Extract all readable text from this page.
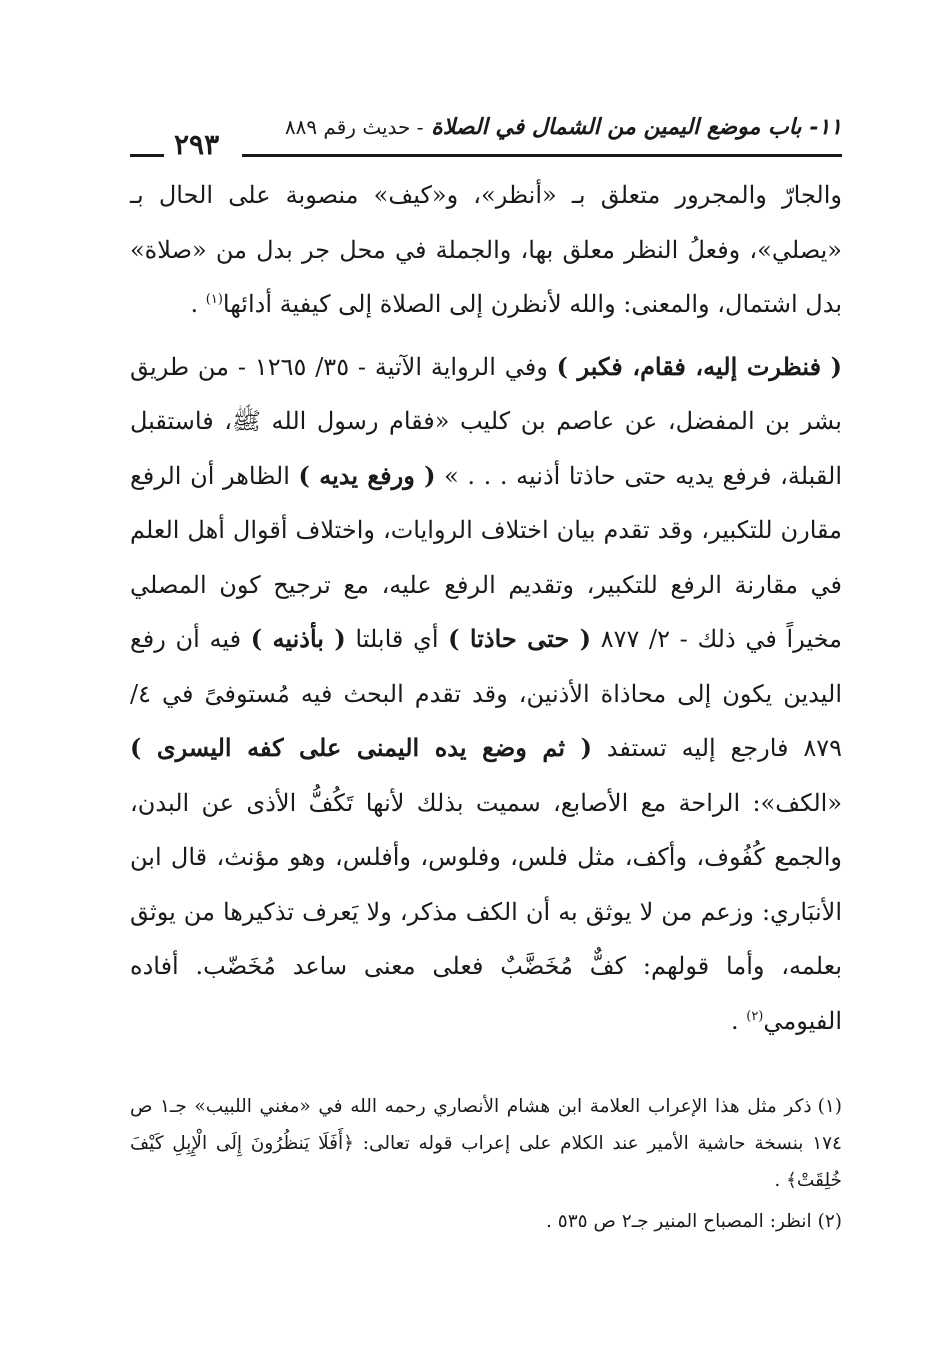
١١- باب موضع اليمين من الشمال في الصلاة - حديث رقم ٨٨٩
٢٩٣

والجارّ والمجرور متعلق بـ «أنظر»، و«كيف» منصوبة على الحال بـ «يصلي»، وفعلُ النظر معلق بها، والجملة في محل جر بدل من «صلاة» بدل اشتمال، والمعنى: والله لأنظرن إلى الصلاة إلى كيفية أدائها$^{(١)}$ .

( فنظرت إليه، فقام، فكبر ) وفي الرواية الآتية - ٣٥/ ١٢٦٥ - من طريق بشر بن المفضل، عن عاصم بن كليب «فقام رسول الله ﷺ، فاستقبل القبلة، فرفع يديه حتى حاذتا أذنيه . . . » ( ورفع يديه ) الظاهر أن الرفع مقارن للتكبير، وقد تقدم بيان اختلاف الروايات، واختلاف أقوال أهل العلم في مقارنة الرفع للتكبير، وتقديم الرفع عليه، مع ترجيح كون المصلي مخيراً في ذلك - ٢/ ٨٧٧ ( حتى حاذتا ) أي قابلتا ( بأذنيه ) فيه أن رفع اليدين يكون إلى محاذاة الأذنين، وقد تقدم البحث فيه مُستوفىً في ٤/ ٨٧٩ فارجع إليه تستفد ( ثم وضع يده اليمنى على كفه اليسرى ) «الكف»: الراحة مع الأصابع، سميت بذلك لأنها تَكُفُّ الأذى عن البدن، والجمع كُفُوف، وأكف، مثل فلس، وفلوس، وأفلس، وهو مؤنث، قال ابن الأنبَاري: وزعم من لا يوثق به أن الكف مذكر، ولا يَعرف تذكيرها من يوثق بعلمه، وأما قولهم: كفٌّ مُخَضَّبٌ فعلى معنى ساعد مُخَضّب. أفاده الفيومي$^{(٢)}$ .

(١)ذكر مثل هذا الإعراب العلامة ابن هشام الأنصاري رحمه الله في «مغني اللبيب» جـ١ ص ١٧٤ بنسخة حاشية الأمير عند الكلام على إعراب قوله تعالى: ﴿أَفَلَا يَنظُرُونَ إِلَى الْإِبِلِ كَيْفَ خُلِقَتْ﴾ .

(٢)انظر: المصباح المنير جـ٢ ص ٥٣٥ .
